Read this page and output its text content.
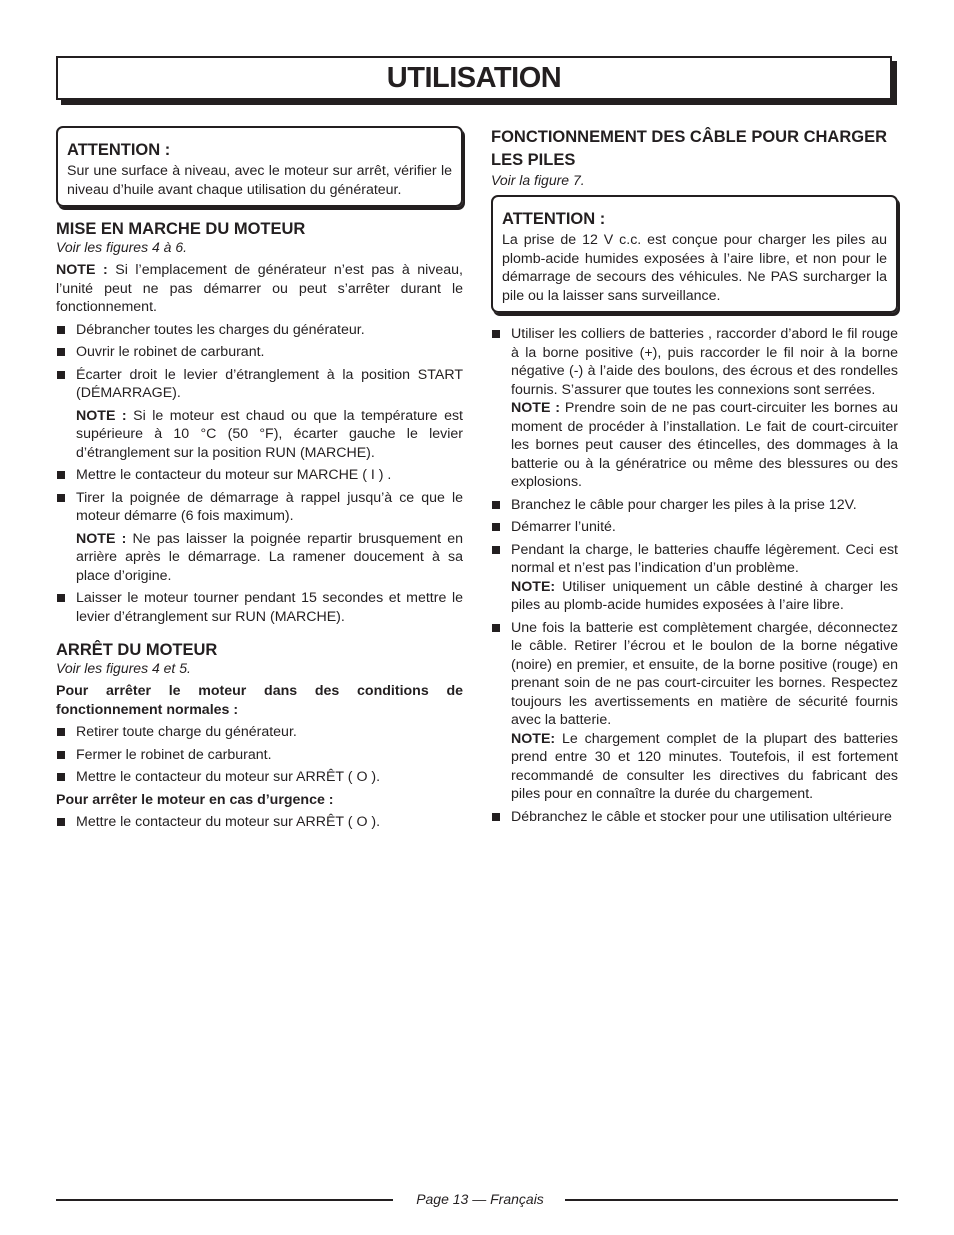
UTILISATION
ATTENTION :

Sur une surface à niveau, avec le moteur sur arrêt, vérifier le niveau d’huile avant chaque utilisation du générateur.

MISE EN MARCHE DU MOTEUR
Voir les figures 4 à 6.

NOTE : Si l’emplacement de générateur n’est pas à niveau, l’unité peut ne pas démarrer ou peut s’arrêter durant le fonctionnement.

Débrancher toutes les charges du générateur.
Ouvrir le robinet de carburant.
Écarter droit le levier d’étranglement à la position START (DÉMARRAGE).

NOTE : Si le moteur est chaud ou que la température est supérieure à 10 °C (50 °F), écarter gauche le levier d’étranglement sur la position RUN (MARCHE).

Mettre le contacteur du moteur sur MARCHE ( I ) .
Tirer la poignée de démarrage à rappel jusqu’à ce que le moteur démarre (6 fois maximum).

NOTE : Ne pas laisser la poignée repartir brusquement en arrière après le démarrage. La ramener doucement à sa place d’origine.

Laisser le moteur tourner pendant 15 secondes et mettre le levier d’étranglement sur RUN (MARCHE).
ARRÊT DU MOTEUR
Voir les figures 4 et 5.

Pour arrêter le moteur dans des conditions de fonctionnement normales :

Retirer toute charge du générateur.
Fermer le robinet de carburant.
Mettre le contacteur du moteur sur ARRÊT ( O ).

Pour arrêter le moteur en cas d’urgence :

Mettre le contacteur du moteur sur ARRÊT ( O ).
FONCTIONNEMENT DES CÂBLE POUR CHARGER LES PILES
Voir la figure 7.
ATTENTION :

La prise de 12 V c.c. est conçue pour charger les piles au plomb-acide humides exposées à l’aire libre, et non pour le démarrage de secours des véhicules. Ne PAS surcharger la pile ou la laisser sans surveillance.

Utiliser les colliers de batteries , raccorder d’abord le fil rouge à la borne positive (+), puis raccorder le fil noir à la borne négative (-) à l’aide des boulons, des écrous et des rondelles fournis. S’assurer que toutes les connexions sont serrées.
NOTE : Prendre soin de ne pas court-circuiter les bornes au moment de procéder à l’installation. Le fait de court-circuiter les bornes peut causer des étincelles, des dommages à la batterie ou à la génératrice ou même des blessures ou des explosions.
Branchez le câble pour charger les piles à la prise 12V.
Démarrer l’unité.
Pendant la charge, le batteries chauffe légèrement. Ceci est normal et n’est pas l’indication d’un problème.
NOTE: Utiliser uniquement un câble destiné à charger les piles au plomb-acide humides exposées à l’aire libre.
Une fois la batterie est complètement chargée, déconnectez le câble. Retirer l’écrou et le boulon de la borne négative (noire) en premier, et ensuite, de la borne positive (rouge) en prenant soin de ne pas court-circuiter les bornes. Respectez toujours les avertissements en matière de sécurité fournis avec la batterie.
NOTE: Le chargement complet de la plupart des batteries prend entre 30 et 120 minutes. Toutefois, il est fortement recommandé de consulter les directives du fabricant des piles pour en connaître la durée du chargement.
Débranchez le câble et stocker pour une utilisation ultérieure
Page 13 — Français
